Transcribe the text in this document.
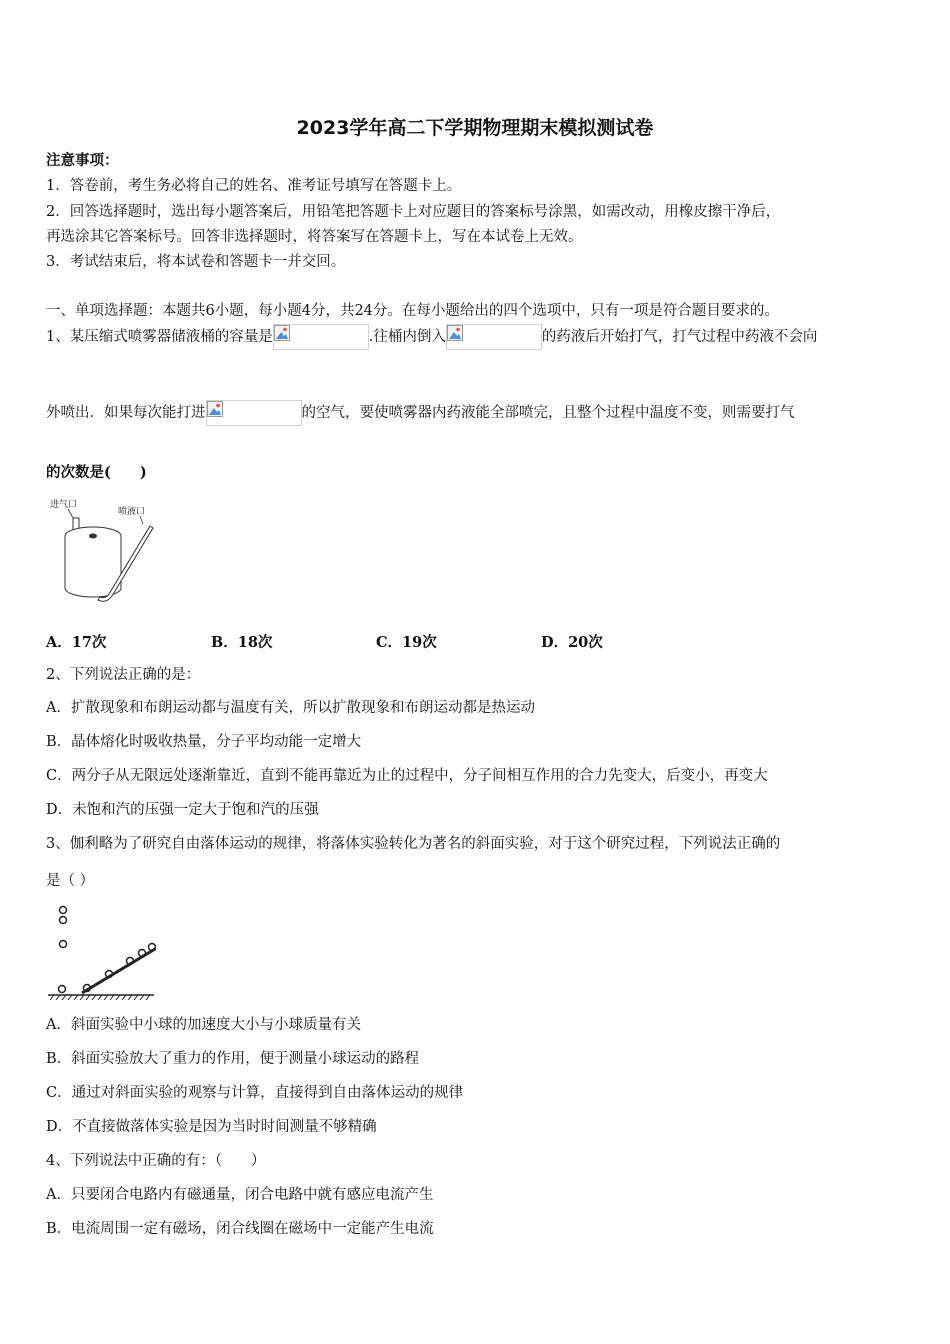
2023学年高二下学期物理期末模拟测试卷
注意事项：
1．答卷前，考生务必将自己的姓名、准考证号填写在答题卡上。
2．回答选择题时，选出每小题答案后，用铅笔把答题卡上对应题目的答案标号涂黑，如需改动，用橡皮擦干净后，
再选涂其它答案标号。回答非选择题时，将答案写在答题卡上，写在本试卷上无效。
3．考试结束后，将本试卷和答题卡一并交回。
一、单项选择题：本题共6小题，每小题4分，共24分。在每小题给出的四个选项中，只有一项是符合题目要求的。
1、某压缩式喷雾器储液桶的容量是	.往桶内倒入	的药液后开始打气，打气过程中药液不会向
外喷出．如果每次能打进	的空气，要使喷雾器内药液能全部喷完，且整个过程中温度不变，则需要打气
的次数是(　　)
进气口
喷液口
A．17次	B．18次	C．19次	D．20次
2、下列说法正确的是：
A．扩散现象和布朗运动都与温度有关，所以扩散现象和布朗运动都是热运动
B．晶体熔化时吸收热量，分子平均动能一定增大
C．两分子从无限远处逐渐靠近，直到不能再靠近为止的过程中，分子间相互作用的合力先变大，后变小，再变大
D．未饱和汽的压强一定大于饱和汽的压强
3、伽利略为了研究自由落体运动的规律，将落体实验转化为著名的斜面实验，对于这个研究过程，下列说法正确的
是（ ）
A．斜面实验中小球的加速度大小与小球质量有关
B．斜面实验放大了重力的作用，便于测量小球运动的路程
C．通过对斜面实验的观察与计算，直接得到自由落体运动的规律
D．不直接做落体实验是因为当时时间测量不够精确
4、下列说法中正确的有：（　　）
A．只要闭合电路内有磁通量，闭合电路中就有感应电流产生
B．电流周围一定有磁场，闭合线圈在磁场中一定能产生电流
